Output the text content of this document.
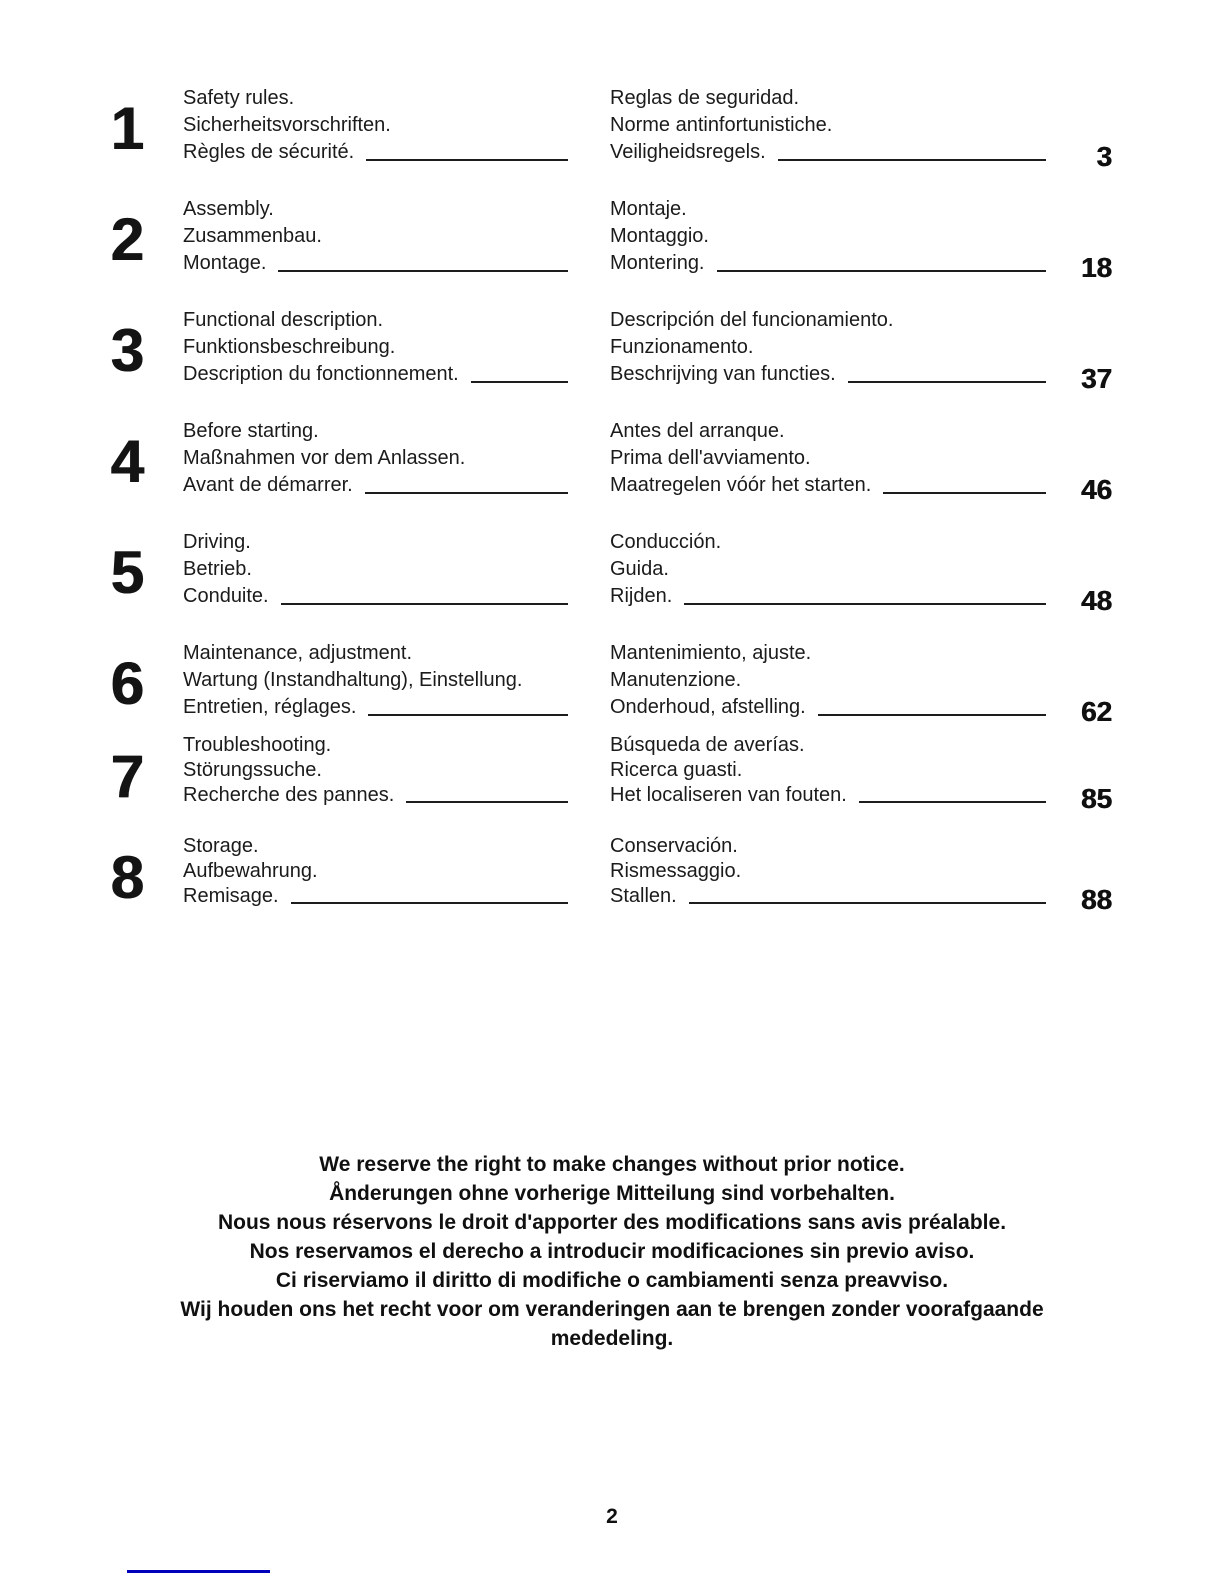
1	Safety rules.
Sicherheitsvorschriften.
Règles de sécurité.
Reglas de seguridad.
Norme antinfortunistiche.
Veiligheidsregels.	3
2	Assembly.
Zusammenbau.
Montage.
Montaje.
Montaggio.
Montering.	18
3	Functional description.
Funktionsbeschreibung.
Description du fonctionnement.
Descripción del funcionamiento.
Funzionamento.
Beschrijving van functies.	37
4	Before starting.
Maßnahmen vor dem Anlassen.
Avant de démarrer.
Antes del arranque.
Prima dell'avviamento.
Maatregelen vóór het starten.	46
5	Driving.
Betrieb.
Conduite.
Conducción.
Guida.
Rijden.	48
6	Maintenance, adjustment.
Wartung (Instandhaltung), Einstellung.
Entretien, réglages.
Mantenimiento, ajuste.
Manutenzione.
Onderhoud, afstelling.	62
7	Troubleshooting.
Störungssuche.
Recherche des pannes.
Búsqueda de averías.
Ricerca guasti.
Het localiseren van fouten.	85
8	Storage.
Aufbewahrung.
Remisage.
Conservación.
Rismessaggio.
Stallen.	88
We reserve the right to make changes without prior notice.
Ånderungen ohne vorherige Mitteilung sind vorbehalten.
Nous nous réservons le droit d'apporter des modifications sans avis préalable.
Nos reservamos el derecho a introducir modificaciones sin previo aviso.
Ci riserviamo il diritto di modifiche o cambiamenti senza preavviso.
Wij houden ons het recht voor om veranderingen aan te brengen zonder voorafgaande
mededeling.
2
